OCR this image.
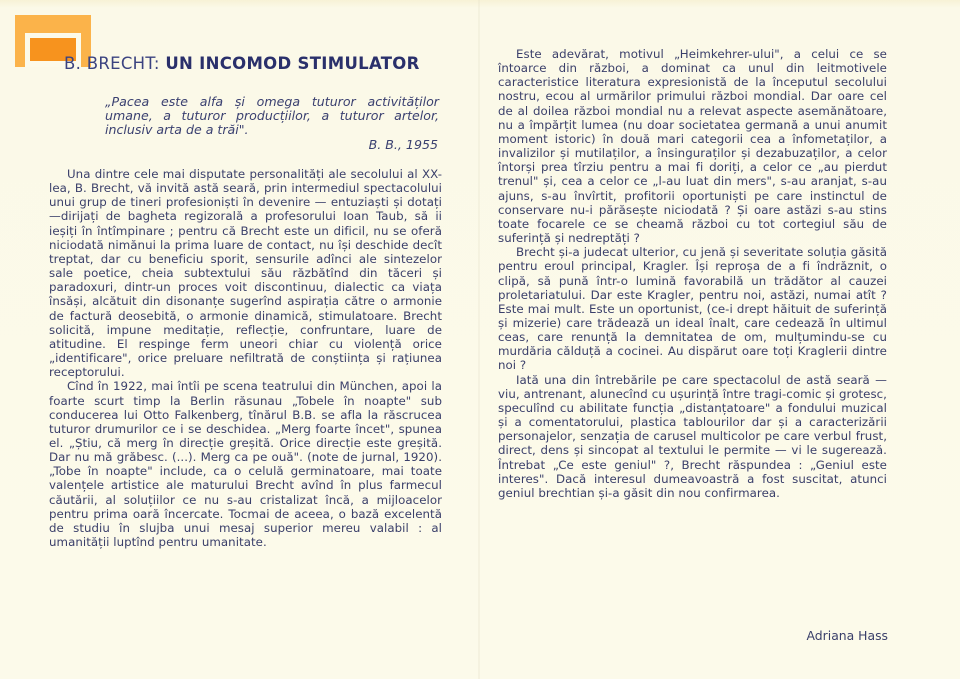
B. BRECHT: UN INCOMOD STIMULATOR
„Pacea este alfa și omega tuturor activităților umane, a tuturor producțiilor, a tuturor artelor, inclusiv arta de a trăi".
B. B., 1955

Una dintre cele mai disputate personalități ale secolului al XX-lea, B. Brecht, vă invită astă seară, prin intermediul spectacolului unui grup de tineri profesioniști în devenire — entuziaști și dotați —dirijați de bagheta regizorală a profesorului Ioan Taub, să ii ieșiți în întîmpinare ; pentru că Brecht este un dificil, nu se oferă niciodată nimănui la prima luare de contact, nu își deschide decît treptat, dar cu beneficiu sporit, sensurile adînci ale sintezelor sale poetice, cheia subtextului său răzbătînd din tăceri și paradoxuri, dintr-un proces voit discontinuu, dialectic ca viața însăși, alcătuit din disonanțe sugerînd aspirația către o armonie de factură deosebită, o armonie dinamică, stimulatoare. Brecht solicită, impune meditație, reflecție, confruntare, luare de atitudine. El respinge ferm uneori chiar cu violență orice „identificare", orice preluare nefiltrată de conștiința și rațiunea receptorului.

Cînd în 1922, mai întîi pe scena teatrului din München, apoi la foarte scurt timp la Berlin răsunau „Tobele în noapte" sub conducerea lui Otto Falkenberg, tînărul B.B. se afla la răscrucea tuturor drumurilor ce i se deschidea. „Merg foarte încet", spunea el. „Știu, că merg în direcție greșită. Orice direcție este greșită. Dar nu mă grăbesc. (...). Merg ca pe ouă". (note de jurnal, 1920). „Tobe în noapte" include, ca o celulă germinatoare, mai toate valențele artistice ale maturului Brecht avînd în plus farmecul căutării, al soluțiilor ce nu s-au cristalizat încă, a mijloacelor pentru prima oară încercate. Tocmai de aceea, o bază excelentă de studiu în slujba unui mesaj superior mereu valabil : al umanității luptînd pentru umanitate.

Este adevărat, motivul „Heimkehrer-ului", a celui ce se întoarce din război, a dominat ca unul din leitmotivele caracteristice literatura expresionistă de la începutul secolului nostru, ecou al urmărilor primului război mondial. Dar oare cel de al doilea război mondial nu a relevat aspecte asemănătoare, nu a împărțit lumea (nu doar societatea germană a unui anumit moment istoric) în două mari categorii cea a înfometaților, a invalizilor și mutilaților, a însinguraților și dezabuzaților, a celor întorși prea tîrziu pentru a mai fi doriți, a celor ce „au pierdut trenul" și, cea a celor ce „l-au luat din mers", s-au aranjat, s-au ajuns, s-au învîrtit, profitorii oportuniști pe care instinctul de conservare nu-i părăsește niciodată ? Și oare astăzi s-au stins toate focarele ce se cheamă război cu tot cortegiul său de suferință și nedreptăți ?

Brecht și-a judecat ulterior, cu jenă și severitate soluția găsită pentru eroul principal, Kragler. Își reproșa de a fi îndrăznit, o clipă, să pună într-o lumină favorabilă un trădător al cauzei proletariatului. Dar este Kragler, pentru noi, astăzi, numai atît ? Este mai mult. Este un oportunist, (ce-i drept hăituit de suferință și mizerie) care trădează un ideal înalt, care cedează în ultimul ceas, care renunță la demnitatea de om, mulțumindu-se cu murdăria călduță a cocinei. Au dispărut oare toți Kraglerii dintre noi ?

Iată una din întrebările pe care spectacolul de astă seară — viu, antrenant, alunecînd cu ușurință între tragi-comic și grotesc, speculînd cu abilitate funcția „distanțatoare" a fondului muzical și a comentatorului, plastica tablourilor dar și a caracterizării personajelor, senzația de carusel multicolor pe care verbul frust, direct, dens și sincopat al textului le permite — vi le sugerează. Întrebat „Ce este geniul" ?, Brecht răspundea : „Geniul este interes". Dacă interesul dumeavoastră a fost suscitat, atunci geniul brechtian și-a găsit din nou confirmarea.

Adriana Hass
